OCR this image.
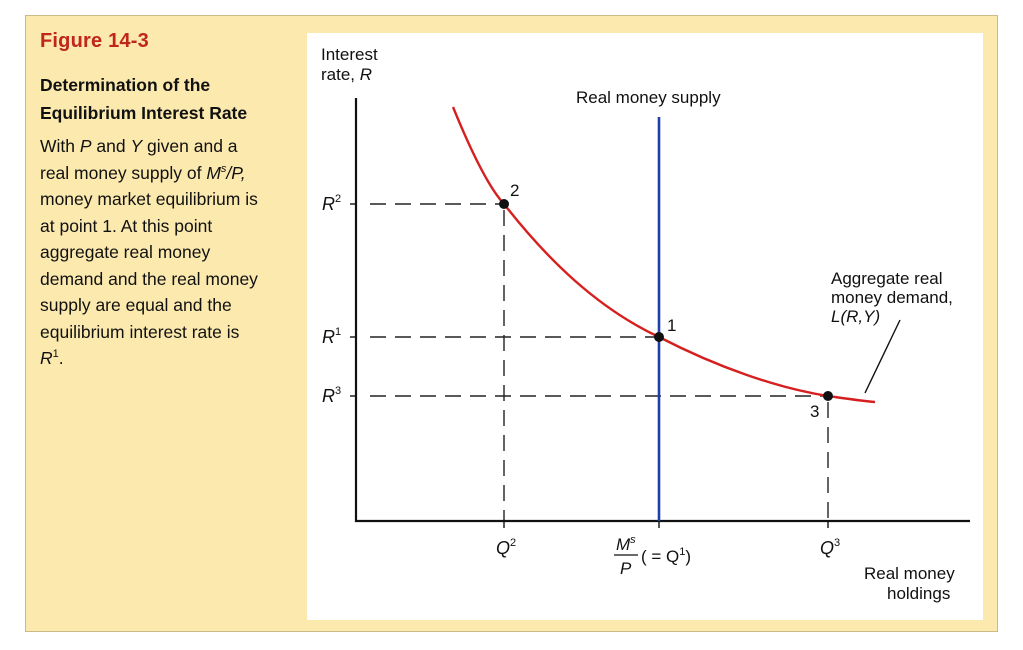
Figure 14-3
Determination of the
Equilibrium Interest Rate
With P and Y given and a
real money supply of $M^s/P$,
money market equilibrium is
at point 1. At this point
aggregate real money
demand and the real money
supply are equal and the
equilibrium interest rate is
$R^1$.
2
1
3
Interest
rate, R
$R^2$
$R^1$
$R^3$
Real money supply
Aggregate real
money demand,
L(R,Y)
$Q^2$	$Q^3$
$M^s$
P
( = $Q^1$)
Real money
holdings
